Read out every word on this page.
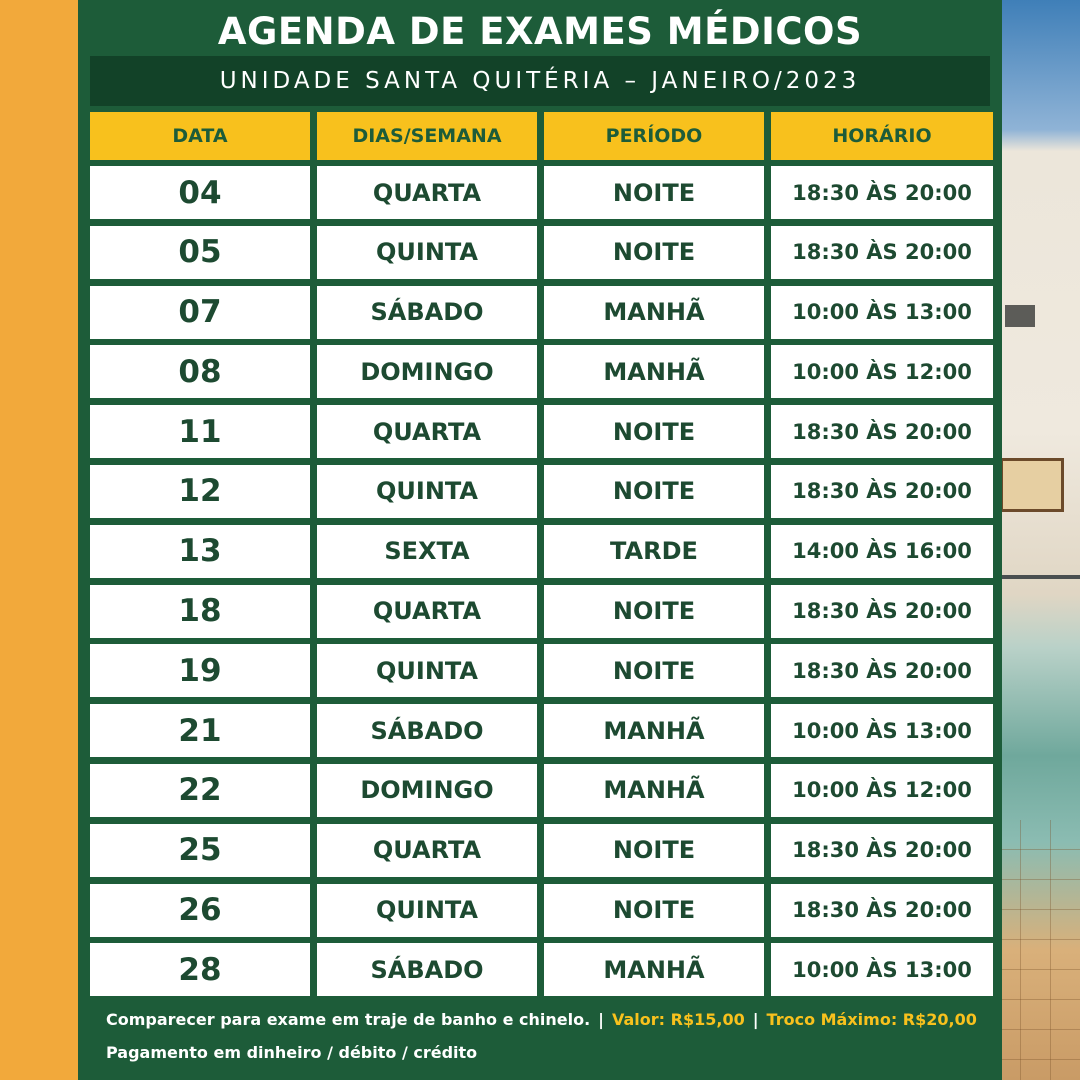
AGENDA DE EXAMES MÉDICOS
UNIDADE SANTA QUITÉRIA – JANEIRO/2023
DATA	DIAS/SEMANA	PERÍODO	HORÁRIO
04	QUARTA	NOITE	18:30 ÀS 20:00
05	QUINTA	NOITE	18:30 ÀS 20:00
07	SÁBADO	MANHÃ	10:00 ÀS 13:00
08	DOMINGO	MANHÃ	10:00 ÀS 12:00
11	QUARTA	NOITE	18:30 ÀS 20:00
12	QUINTA	NOITE	18:30 ÀS 20:00
13	SEXTA	TARDE	14:00 ÀS 16:00
18	QUARTA	NOITE	18:30 ÀS 20:00
19	QUINTA	NOITE	18:30 ÀS 20:00
21	SÁBADO	MANHÃ	10:00 ÀS 13:00
22	DOMINGO	MANHÃ	10:00 ÀS 12:00
25	QUARTA	NOITE	18:30 ÀS 20:00
26	QUINTA	NOITE	18:30 ÀS 20:00
28	SÁBADO	MANHÃ	10:00 ÀS 13:00
Comparecer para exame em traje de banho e chinelo. | Valor: R$15,00 | Troco Máximo: R$20,00
Pagamento em dinheiro / débito / crédito
